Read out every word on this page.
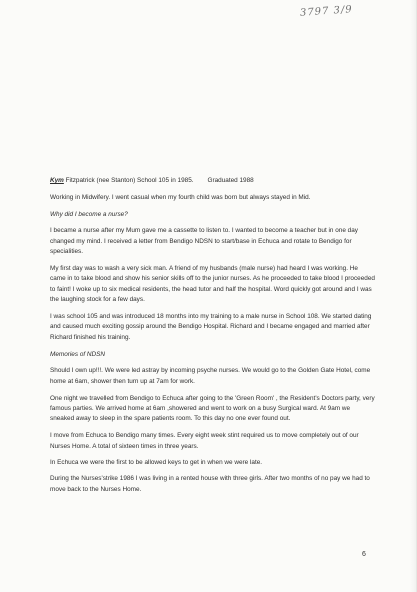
3797 3/9

Kym Fitzpatrick (nee Stanton) School 105 in 1985. Graduated 1988

Working in Midwifery. I went casual when my fourth child was born but always stayed in Mid.

Why did I become a nurse?

I became a nurse after my Mum gave me a cassette to listen to. I wanted to become a teacher but in one day changed my mind. I received a letter from Bendigo NDSN to start/base in Echuca and rotate to Bendigo for specialities.

My first day was to wash a very sick man. A friend of my husbands (male nurse) had heard I was working. He came in to take blood and show his senior skills off to the junior nurses. As he proceeded to take blood I proceeded to faint! I woke up to six medical residents, the head tutor and half the hospital. Word quickly got around and I was the laughing stock for a few days.

I was school 105 and was introduced 18 months into my training to a male nurse in School 108. We started dating and caused much exciting gossip around the Bendigo Hospital. Richard and I became engaged and married after Richard finished his training.

Memories of NDSN

Should I own up!!!. We were led astray by incoming psyche nurses. We would go to the Golden Gate Hotel, come home at 6am, shower then turn up at 7am for work.

One night we travelled from Bendigo to Echuca after going to the 'Green Room' , the Resident's Doctors party, very famous parties. We arrived home at 6am ,showered and went to work on a busy Surgical ward. At 9am we sneaked away to sleep in the spare patients room. To this day no one ever found out.

I move from Echuca to Bendigo many times. Every eight week stint required us to move completely out of our Nurses Home. A total of sixteen times in three years.

In Echuca we were the first to be allowed keys to get in when we were late.

During the Nurses'strike 1986 I was living in a rented house with three girls. After two months of no pay we had to move back to the Nurses Home.

6
